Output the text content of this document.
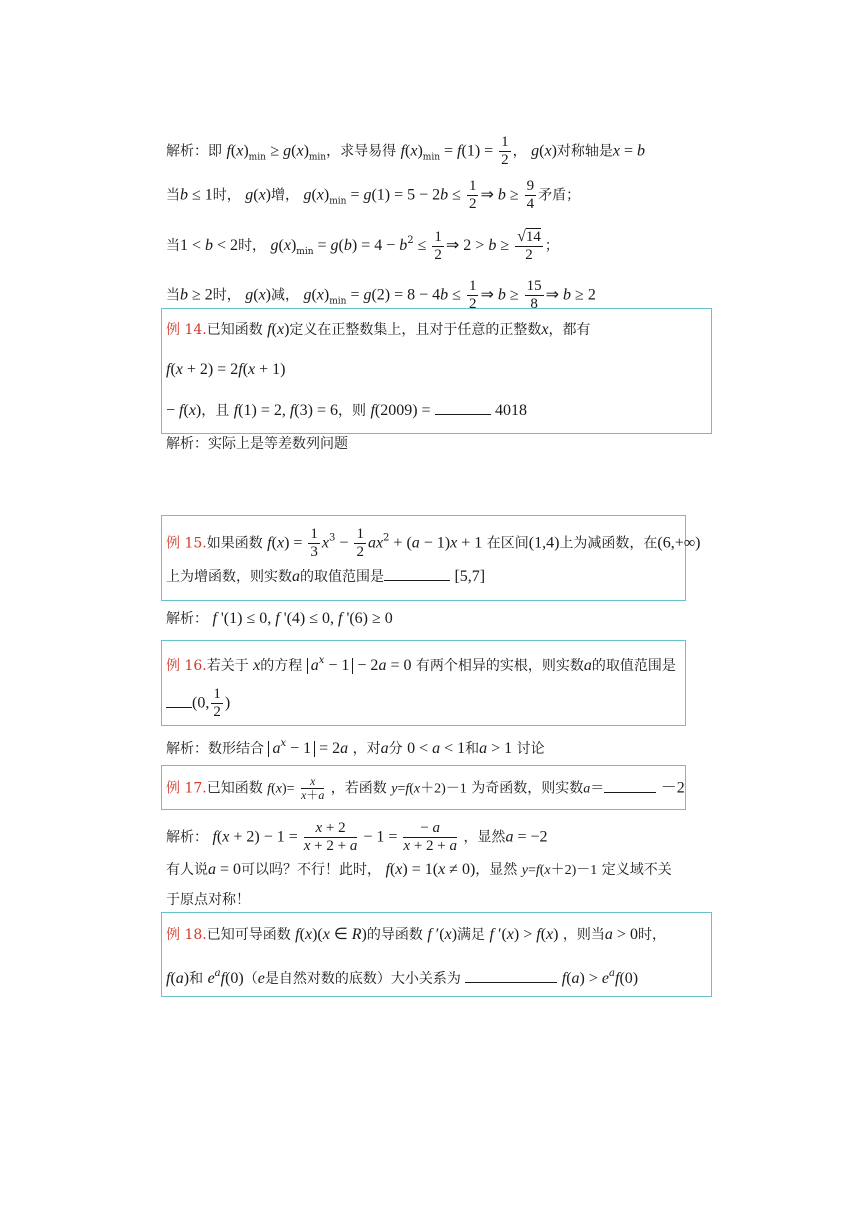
解析：即 $f(x)_{min} \ge g(x)_{min}$，求导易得 $f(x)_{min} = f(1) = \frac{1}{2}$ ， g(x)对称轴是x = b
当b ≤ 1时， g(x)增， $g(x)_{min} = g(1) = 5 - 2b \le \frac{1}{2}$ ⇒ $b \ge \frac{9}{4}$ 矛盾；
当1 < b < 2时， $g(x)_{min} = g(b) = 4 - b^2 \le \frac{1}{2}$ ⇒ $2 > b \ge \frac{√14}{2}$ ；
当b ≥ 2时， g(x)减， $g(x)_{min} = g(2) = 8 - 4b \le \frac{1}{2}$ ⇒ $b \ge \frac{15}{8}$ ⇒ b ≥ 2
例 14.已知函数 f(x)定义在正整数集上，且对于任意的正整数x，都有
f(x + 2) = 2f(x + 1)
− f(x)，且 f(1) = 2, f(3) = 6，则 f(2009) =	4018
解析：实际上是等差数列问题
例 15.如果函数 $f(x) = \frac{1}{3} x^3 - \frac{1}{2} ax^2 + (a - 1)x + 1$ 在区间(1,4)上为减函数，在(6,+∞)
上为增函数，则实数a的取值范围是	[5,7]
解析： f '(1) ≤ 0, f '(4) ≤ 0, f '(6) ≥ 0
例 16.若关于 x的方程 $a^x - 1 - 2a = 0$ 有两个相异的实根，则实数a的取值范围是
(0, $\frac{1}{2}$ )
解析：数形结合 $a^x - 1 = 2a$ ，对a分 0 < a < 1和a > 1 讨论
例 17.已知函数 $f(x)= \frac{x}{x+a}$ ，若函数 y=f(x＋2)－1 为奇函数，则实数a＝	－2
解析： $f(x + 2) - 1 = \frac{x + 2}{x + 2 + a} - 1 = \frac{- a}{x + 2 + a}$ ，显然a = −2
有人说a = 0可以吗？不行！此时， f(x) = 1(x ≠ 0)，显然 y=f(x＋2)－1 定义域不关
于原点对称！
例 18.已知可导函数 f(x)(x ∈ R)的导函数 f ′(x)满足 f ′(x) > f(x) ，则当a > 0时，
f(a)和 $e^af(0)(e$是自然对数的底数）大小关系为	$f(a) > e^af(0)$
